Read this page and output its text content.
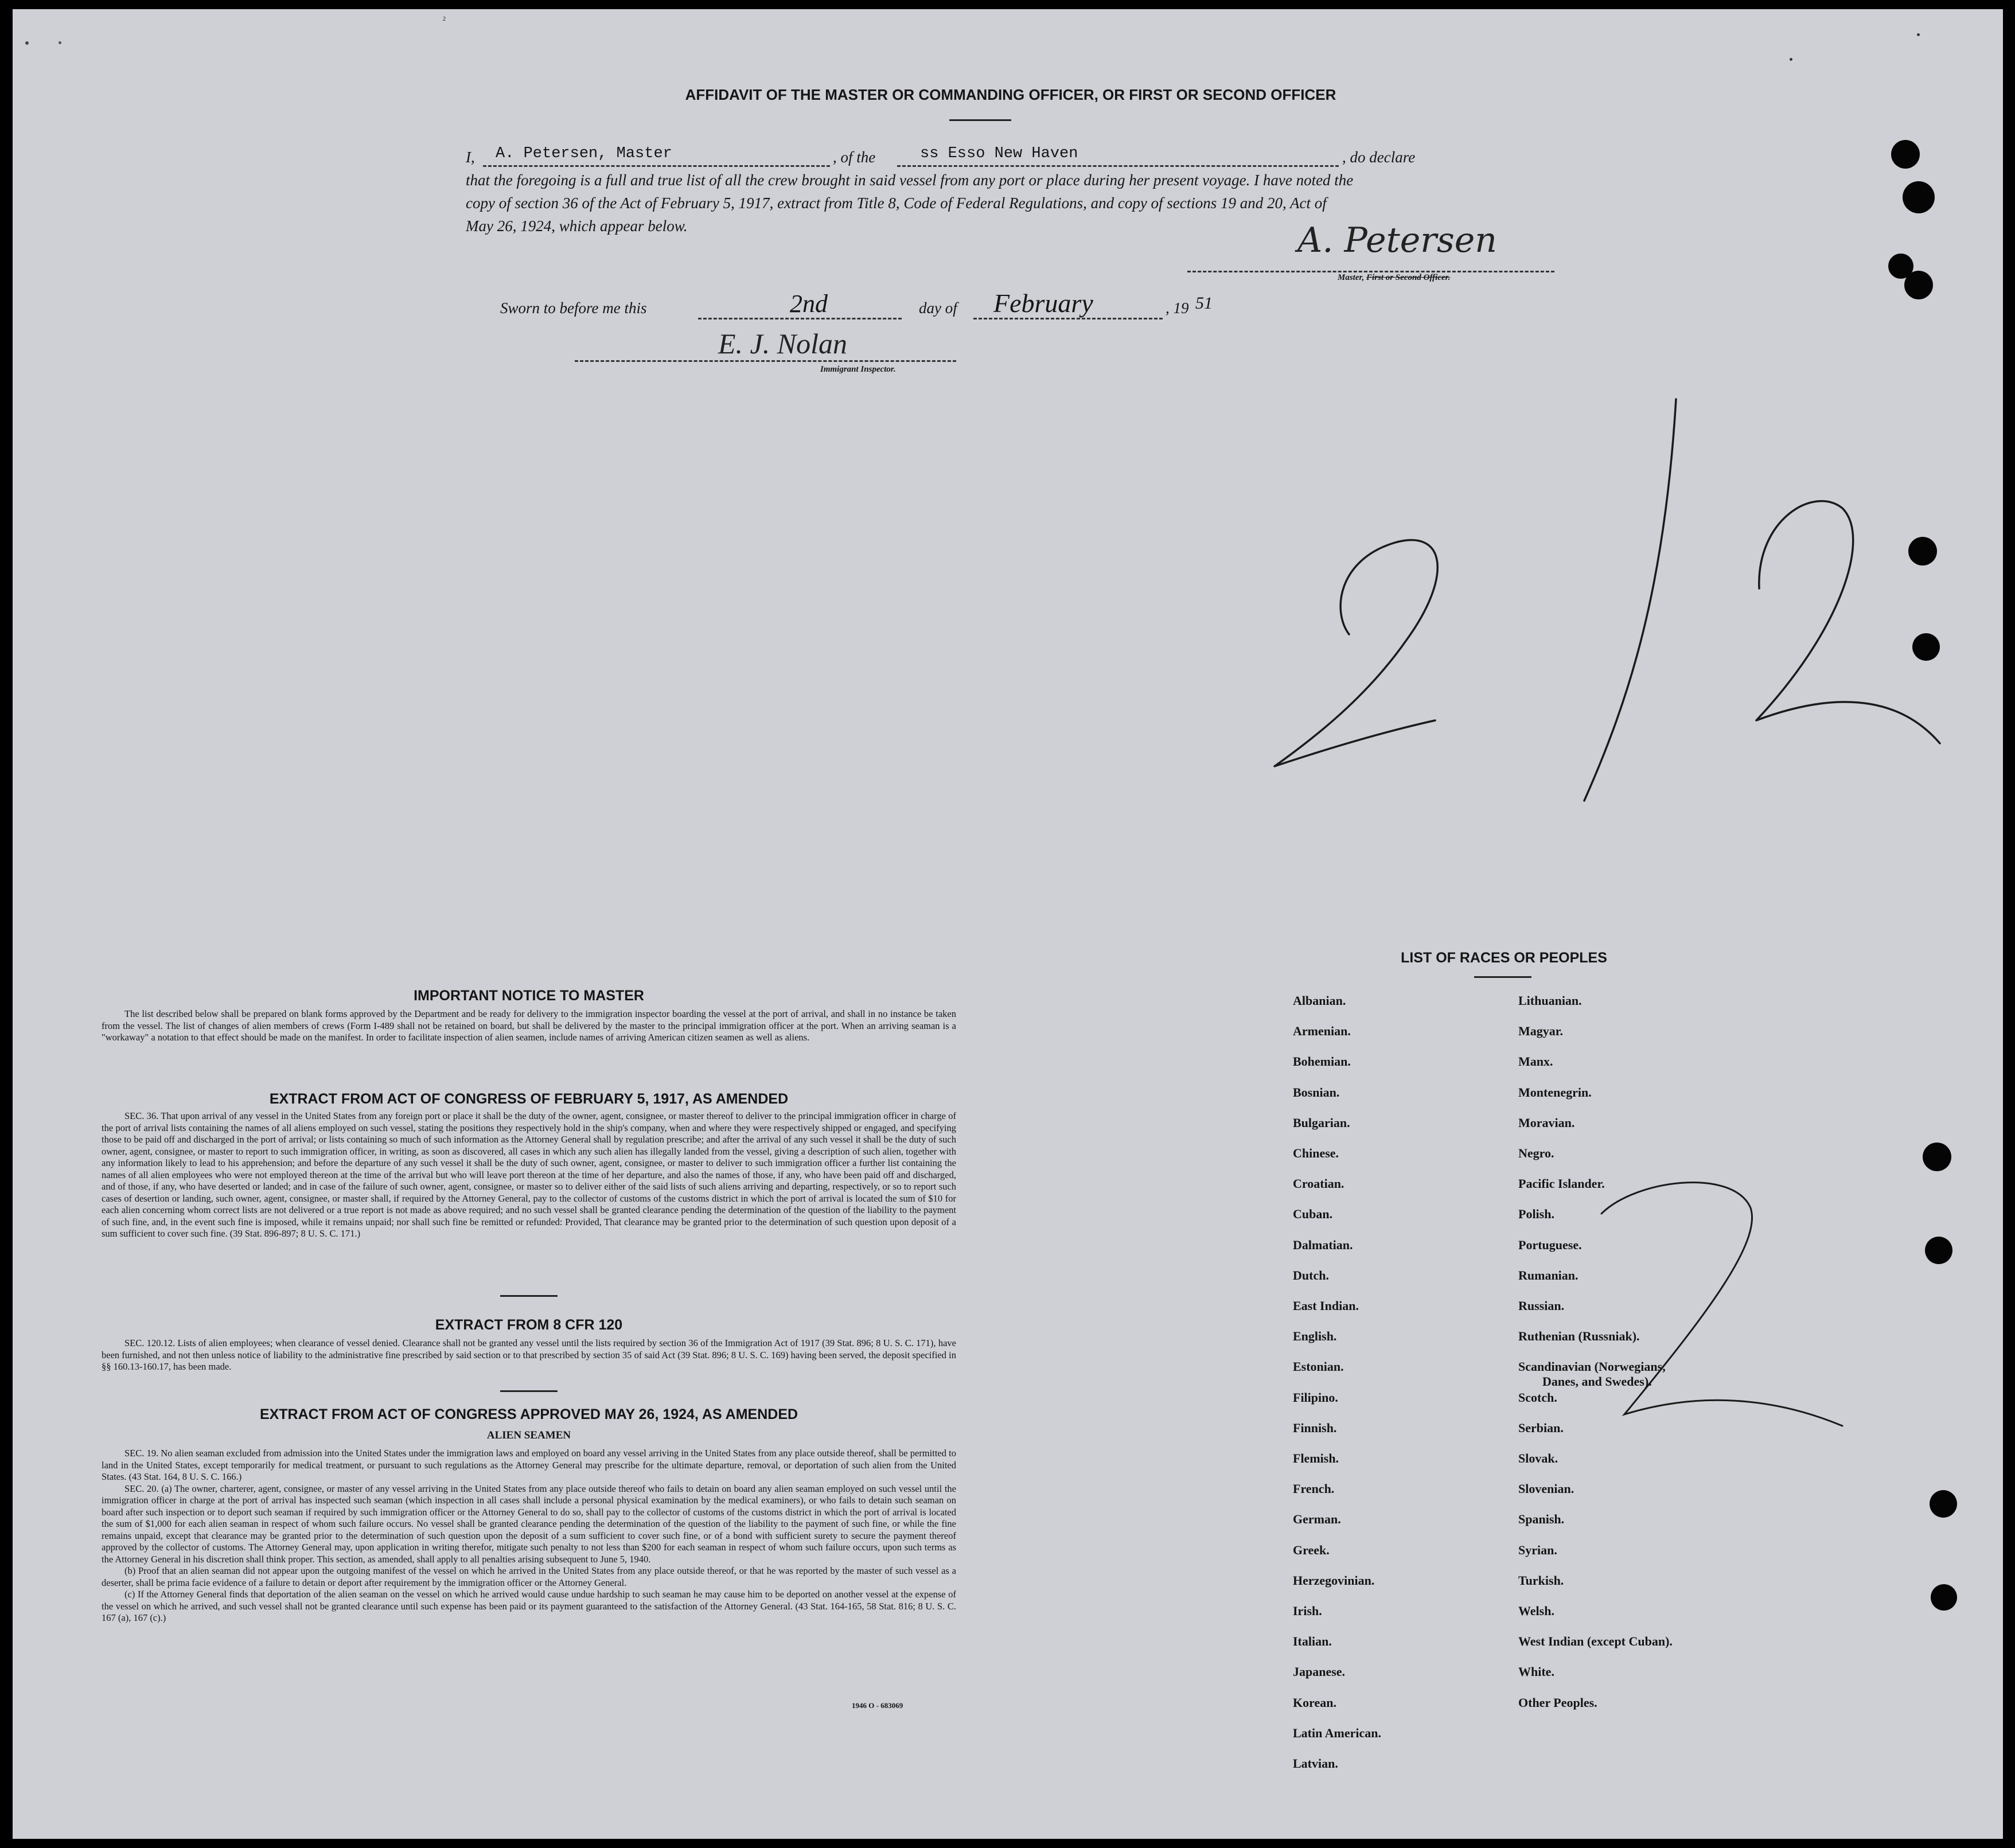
AFFIDAVIT OF THE MASTER OR COMMANDING OFFICER, OR FIRST OR SECOND OFFICER
I, A. Petersen, Master	, of the	ss Esso New Haven	, do declare
that the foregoing is a full and true list of all the crew brought in said vessel from any port or place during her present voyage. I have noted the
copy of section 36 of the Act of February 5, 1917, extract from Title 8, Code of Federal Regulations, and copy of sections 19 and 20, Act of
May 26, 1924, which appear below.	A. Petersen
Master, First or Second Officer.
Sworn to before me this	2nd	day of February	, 19 51
E. J. Nolan
Immigrant Inspector.
2
IMPORTANT NOTICE TO MASTER
The list described below shall be prepared on blank forms approved by the Department and be ready for delivery to the immigration inspector boarding the vessel at the port of arrival, and shall in no instance be taken from the vessel. The list of changes of alien members of crews (Form I-489 shall not be retained on board, but shall be delivered by the master to the principal immigration officer at the port. When an arriving seaman is a "workaway" a notation to that effect should be made on the manifest. In order to facilitate inspection of alien seamen, include names of arriving American citizen seamen as well as aliens.
EXTRACT FROM ACT OF CONGRESS OF FEBRUARY 5, 1917, AS AMENDED
SEC. 36. That upon arrival of any vessel in the United States from any foreign port or place it shall be the duty of the owner, agent, consignee, or master thereof to deliver to the principal immigration officer in charge of the port of arrival lists containing the names of all aliens employed on such vessel, stating the positions they respectively hold in the ship's company, when and where they were respectively shipped or engaged, and specifying those to be paid off and discharged in the port of arrival; or lists containing so much of such information as the Attorney General shall by regulation prescribe; and after the arrival of any such vessel it shall be the duty of such owner, agent, consignee, or master to report to such immigration officer, in writing, as soon as discovered, all cases in which any such alien has illegally landed from the vessel, giving a description of such alien, together with any information likely to lead to his apprehension; and before the departure of any such vessel it shall be the duty of such owner, agent, consignee, or master to deliver to such immigration officer a further list containing the names of all alien employees who were not employed thereon at the time of the arrival but who will leave port thereon at the time of her departure, and also the names of those, if any, who have been paid off and discharged, and of those, if any, who have deserted or landed; and in case of the failure of such owner, agent, consignee, or master so to deliver either of the said lists of such aliens arriving and departing, respectively, or so to report such cases of desertion or landing, such owner, agent, consignee, or master shall, if required by the Attorney General, pay to the collector of customs of the customs district in which the port of arrival is located the sum of $10 for each alien concerning whom correct lists are not delivered or a true report is not made as above required; and no such vessel shall be granted clearance pending the determination of the question of the liability to the payment of such fine, and, in the event such fine is imposed, while it remains unpaid; nor shall such fine be remitted or refunded: Provided, That clearance may be granted prior to the determination of such question upon deposit of a sum sufficient to cover such fine. (39 Stat. 896-897; 8 U. S. C. 171.)
EXTRACT FROM 8 CFR 120
SEC. 120.12. Lists of alien employees; when clearance of vessel denied. Clearance shall not be granted any vessel until the lists required by section 36 of the Immigration Act of 1917 (39 Stat. 896; 8 U. S. C. 171), have been furnished, and not then unless notice of liability to the administrative fine prescribed by said section or to that prescribed by section 35 of said Act (39 Stat. 896; 8 U. S. C. 169) having been served, the deposit specified in §§ 160.13-160.17, has been made.
EXTRACT FROM ACT OF CONGRESS APPROVED MAY 26, 1924, AS AMENDED
ALIEN SEAMEN
SEC. 19. No alien seaman excluded from admission into the United States under the immigration laws and employed on board any vessel arriving in the United States from any place outside thereof, shall be permitted to land in the United States, except temporarily for medical treatment, or pursuant to such regulations as the Attorney General may prescribe for the ultimate departure, removal, or deportation of such alien from the United States. (43 Stat. 164, 8 U. S. C. 166.)
SEC. 20. (a) The owner, charterer, agent, consignee, or master of any vessel arriving in the United States from any place outside thereof who fails to detain on board any alien seaman employed on such vessel until the immigration officer in charge at the port of arrival has inspected such seaman (which inspection in all cases shall include a personal physical examination by the medical examiners), or who fails to detain such seaman on board after such inspection or to deport such seaman if required by such immigration officer or the Attorney General to do so, shall pay to the collector of customs of the customs district in which the port of arrival is located the sum of $1,000 for each alien seaman in respect of whom such failure occurs. No vessel shall be granted clearance pending the determination of the question of the liability to the payment of such fine, or while the fine remains unpaid, except that clearance may be granted prior to the determination of such question upon the deposit of a sum sufficient to cover such fine, or of a bond with sufficient surety to secure the payment thereof approved by the collector of customs. The Attorney General may, upon application in writing therefor, mitigate such penalty to not less than $200 for each seaman in respect of whom such failure occurs, upon such terms as the Attorney General in his discretion shall think proper. This section, as amended, shall apply to all penalties arising subsequent to June 5, 1940.
(b) Proof that an alien seaman did not appear upon the outgoing manifest of the vessel on which he arrived in the United States from any place outside thereof, or that he was reported by the master of such vessel as a deserter, shall be prima facie evidence of a failure to detain or deport after requirement by the immigration officer or the Attorney General.
(c) If the Attorney General finds that deportation of the alien seaman on the vessel on which he arrived would cause undue hardship to such seaman he may cause him to be deported on another vessel at the expense of the vessel on which he arrived, and such vessel shall not be granted clearance until such expense has been paid or its payment guaranteed to the satisfaction of the Attorney General. (43 Stat. 164-165, 58 Stat. 816; 8 U. S. C. 167 (a), 167 (c).)
1946 O - 683069
LIST OF RACES OR PEOPLES
Albanian.
Armenian.
Bohemian.
Bosnian.
Bulgarian.
Chinese.
Croatian.
Cuban.
Dalmatian.
Dutch.
East Indian.
English.
Estonian.
Filipino.
Finnish.
Flemish.
French.
German.
Greek.
Herzegovinian.
Irish.
Italian.
Japanese.
Korean.
Latin American.
Latvian.
Lithuanian.
Magyar.
Manx.
Montenegrin.
Moravian.
Negro.
Pacific Islander.
Polish.
Portuguese.
Rumanian.
Russian.
Ruthenian (Russniak).
Scandinavian (Norwegians,
Danes, and Swedes).
Scotch.
Serbian.
Slovak.
Slovenian.
Spanish.
Syrian.
Turkish.
Welsh.
West Indian (except Cuban).
White.
Other Peoples.
